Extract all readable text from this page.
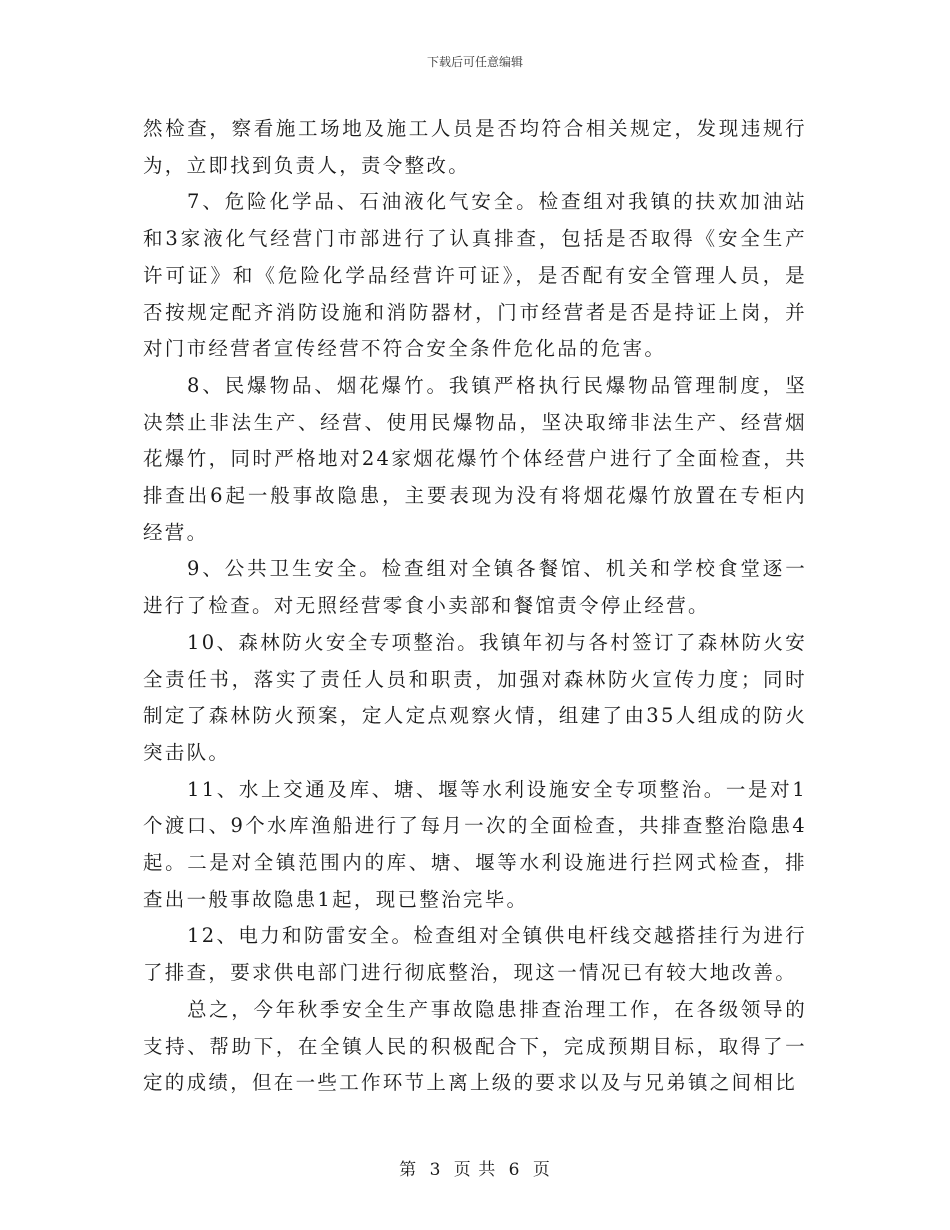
下载后可任意编辑

然检查，察看施工场地及施工人员是否均符合相关规定，发现违规行为，立即找到负责人，责令整改。

7、危险化学品、石油液化气安全。检查组对我镇的扶欢加油站和3家液化气经营门市部进行了认真排查，包括是否取得《安全生产许可证》和《危险化学品经营许可证》，是否配有安全管理人员，是否按规定配齐消防设施和消防器材，门市经营者是否是持证上岗，并对门市经营者宣传经营不符合安全条件危化品的危害。

8、民爆物品、烟花爆竹。我镇严格执行民爆物品管理制度，坚决禁止非法生产、经营、使用民爆物品，坚决取缔非法生产、经营烟花爆竹，同时严格地对24家烟花爆竹个体经营户进行了全面检查，共排查出6起一般事故隐患，主要表现为没有将烟花爆竹放置在专柜内经营。

9、公共卫生安全。检查组对全镇各餐馆、机关和学校食堂逐一进行了检查。对无照经营零食小卖部和餐馆责令停止经营。

10、森林防火安全专项整治。我镇年初与各村签订了森林防火安全责任书，落实了责任人员和职责，加强对森林防火宣传力度；同时制定了森林防火预案，定人定点观察火情，组建了由35人组成的防火突击队。

11、水上交通及库、塘、堰等水利设施安全专项整治。一是对1个渡口、9个水库渔船进行了每月一次的全面检查，共排查整治隐患4起。二是对全镇范围内的库、塘、堰等水利设施进行拦网式检查，排查出一般事故隐患1起，现已整治完毕。

12、电力和防雷安全。检查组对全镇供电杆线交越搭挂行为进行了排查，要求供电部门进行彻底整治，现这一情况已有较大地改善。

总之，今年秋季安全生产事故隐患排查治理工作，在各级领导的支持、帮助下，在全镇人民的积极配合下，完成预期目标，取得了一定的成绩，但在一些工作环节上离上级的要求以及与兄弟镇之间相比

第 3 页 共 6 页
